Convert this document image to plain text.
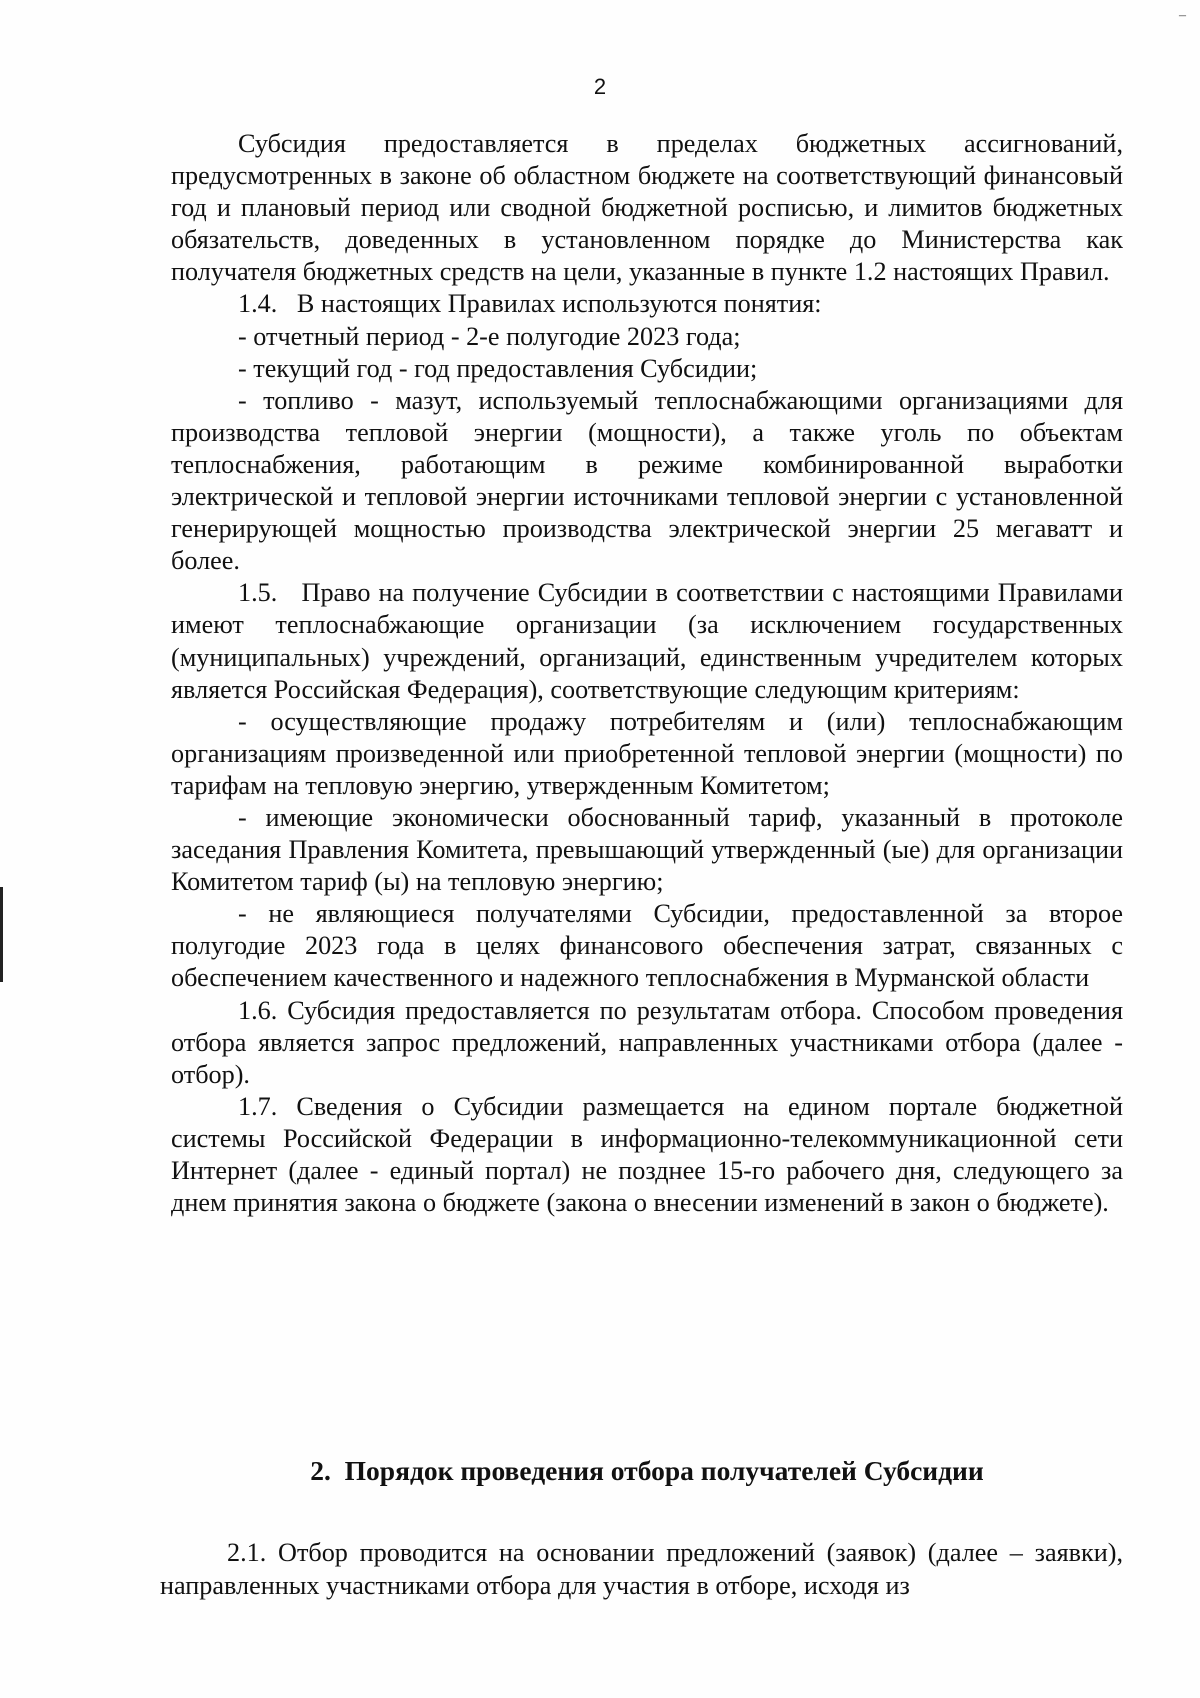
–
2

Субсидия предоставляется в пределах бюджетных ассигнований, предусмотренных в законе об областном бюджете на соответствующий финансовый год и плановый период или сводной бюджетной росписью, и лимитов бюджетных обязательств, доведенных в установленном порядке до Министерства как получателя бюджетных средств на цели, указанные в пункте 1.2 настоящих Правил.

1.4.   В настоящих Правилах используются понятия:

- отчетный период - 2-е полугодие 2023 года;

- текущий год - год предоставления Субсидии;

- топливо - мазут, используемый теплоснабжающими организациями для производства тепловой энергии (мощности), а также уголь по объектам теплоснабжения, работающим в режиме комбинированной выработки электрической и тепловой энергии источниками тепловой энергии с установленной генерирующей мощностью производства электрической энергии 25 мегаватт и более.

1.5.   Право на получение Субсидии в соответствии с настоящими Правилами имеют теплоснабжающие организации (за исключением государственных (муниципальных) учреждений, организаций, единственным учредителем которых является Российская Федерация), соответствующие следующим критериям:

- осуществляющие продажу потребителям и (или) теплоснабжающим организациям произведенной или приобретенной тепловой энергии (мощности) по тарифам на тепловую энергию, утвержденным Комитетом;

- имеющие экономически обоснованный тариф, указанный в протоколе заседания Правления Комитета, превышающий утвержденный (ые) для организации Комитетом тариф (ы) на тепловую энергию;

- не являющиеся получателями Субсидии, предоставленной за второе полугодие 2023 года в целях финансового обеспечения затрат, связанных с обеспечением качественного и надежного теплоснабжения в Мурманской области

1.6. Субсидия предоставляется по результатам отбора. Способом проведения отбора является запрос предложений, направленных участниками отбора (далее - отбор).

1.7. Сведения о Субсидии размещается на едином портале бюджетной системы Российской Федерации в информационно-телекоммуникационной сети Интернет (далее - единый портал) не позднее 15-го рабочего дня, следующего за днем принятия закона о бюджете (закона о внесении изменений в закон о бюджете).

2.  Порядок проведения отбора получателей Субсидии

2.1. Отбор проводится на основании предложений (заявок) (далее – заявки), направленных участниками отбора для участия в отборе, исходя из
